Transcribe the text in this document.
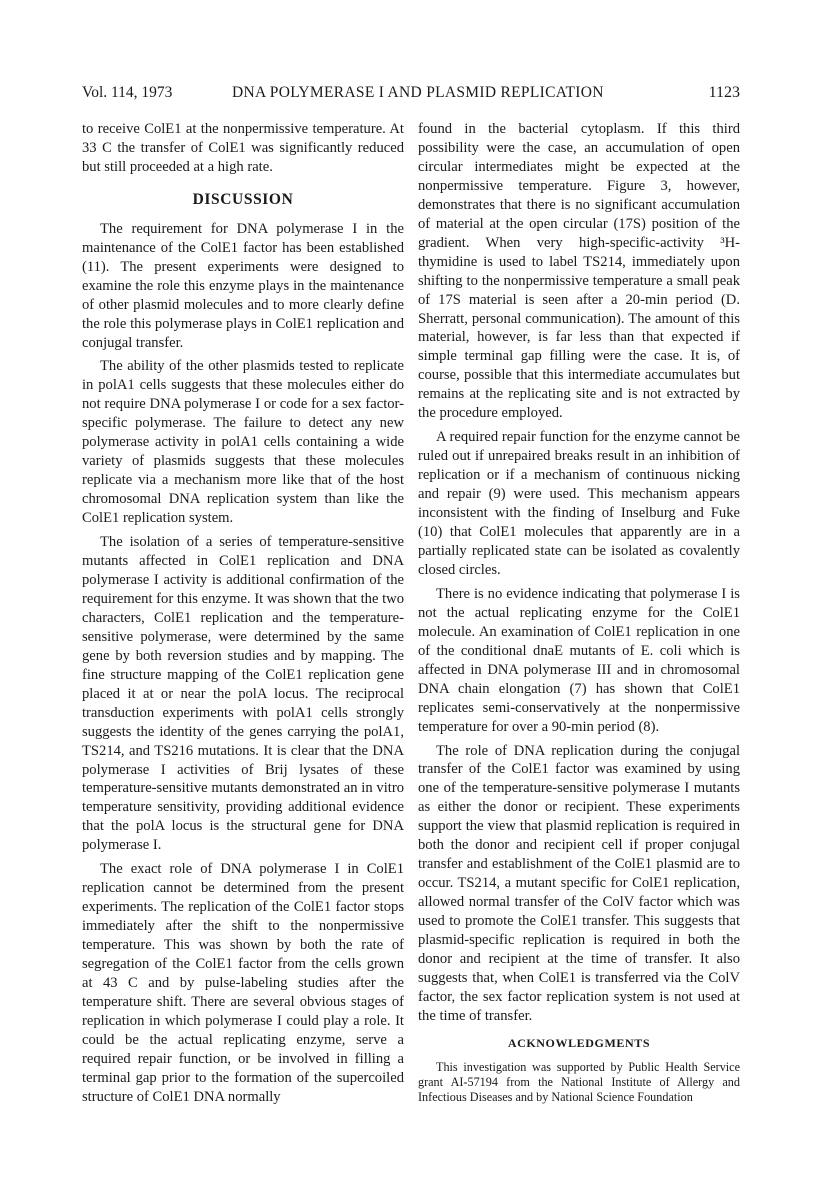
Vol. 114, 1973	DNA POLYMERASE I AND PLASMID REPLICATION	1123

to receive ColE1 at the nonpermissive temperature. At 33 C the transfer of ColE1 was significantly reduced but still proceeded at a high rate.

DISCUSSION

The requirement for DNA polymerase I in the maintenance of the ColE1 factor has been established (11). The present experiments were designed to examine the role this enzyme plays in the maintenance of other plasmid molecules and to more clearly define the role this polymerase plays in ColE1 replication and conjugal transfer.

The ability of the other plasmids tested to replicate in polA1 cells suggests that these molecules either do not require DNA polymerase I or code for a sex factor-specific polymerase. The failure to detect any new polymerase activity in polA1 cells containing a wide variety of plasmids suggests that these molecules replicate via a mechanism more like that of the host chromosomal DNA replication system than like the ColE1 replication system.

The isolation of a series of temperature-sensitive mutants affected in ColE1 replication and DNA polymerase I activity is additional confirmation of the requirement for this enzyme. It was shown that the two characters, ColE1 replication and the temperature-sensitive polymerase, were determined by the same gene by both reversion studies and by mapping. The fine structure mapping of the ColE1 replication gene placed it at or near the polA locus. The reciprocal transduction experiments with polA1 cells strongly suggests the identity of the genes carrying the polA1, TS214, and TS216 mutations. It is clear that the DNA polymerase I activities of Brij lysates of these temperature-sensitive mutants demonstrated an in vitro temperature sensitivity, providing additional evidence that the polA locus is the structural gene for DNA polymerase I.

The exact role of DNA polymerase I in ColE1 replication cannot be determined from the present experiments. The replication of the ColE1 factor stops immediately after the shift to the nonpermissive temperature. This was shown by both the rate of segregation of the ColE1 factor from the cells grown at 43 C and by pulse-labeling studies after the temperature shift. There are several obvious stages of replication in which polymerase I could play a role. It could be the actual replicating enzyme, serve a required repair function, or be involved in filling a terminal gap prior to the formation of the supercoiled structure of ColE1 DNA normally

found in the bacterial cytoplasm. If this third possibility were the case, an accumulation of open circular intermediates might be expected at the nonpermissive temperature. Figure 3, however, demonstrates that there is no significant accumulation of material at the open circular (17S) position of the gradient. When very high-specific-activity ³H-thymidine is used to label TS214, immediately upon shifting to the nonpermissive temperature a small peak of 17S material is seen after a 20-min period (D. Sherratt, personal communication). The amount of this material, however, is far less than that expected if simple terminal gap filling were the case. It is, of course, possible that this intermediate accumulates but remains at the replicating site and is not extracted by the procedure employed.

A required repair function for the enzyme cannot be ruled out if unrepaired breaks result in an inhibition of replication or if a mechanism of continuous nicking and repair (9) were used. This mechanism appears inconsistent with the finding of Inselburg and Fuke (10) that ColE1 molecules that apparently are in a partially replicated state can be isolated as covalently closed circles.

There is no evidence indicating that polymerase I is not the actual replicating enzyme for the ColE1 molecule. An examination of ColE1 replication in one of the conditional dnaE mutants of E. coli which is affected in DNA polymerase III and in chromosomal DNA chain elongation (7) has shown that ColE1 replicates semi-conservatively at the nonpermissive temperature for over a 90-min period (8).

The role of DNA replication during the conjugal transfer of the ColE1 factor was examined by using one of the temperature-sensitive polymerase I mutants as either the donor or recipient. These experiments support the view that plasmid replication is required in both the donor and recipient cell if proper conjugal transfer and establishment of the ColE1 plasmid are to occur. TS214, a mutant specific for ColE1 replication, allowed normal transfer of the ColV factor which was used to promote the ColE1 transfer. This suggests that plasmid-specific replication is required in both the donor and recipient at the time of transfer. It also suggests that, when ColE1 is transferred via the ColV factor, the sex factor replication system is not used at the time of transfer.

ACKNOWLEDGMENTS

This investigation was supported by Public Health Service grant AI-57194 from the National Institute of Allergy and Infectious Diseases and by National Science Foundation
